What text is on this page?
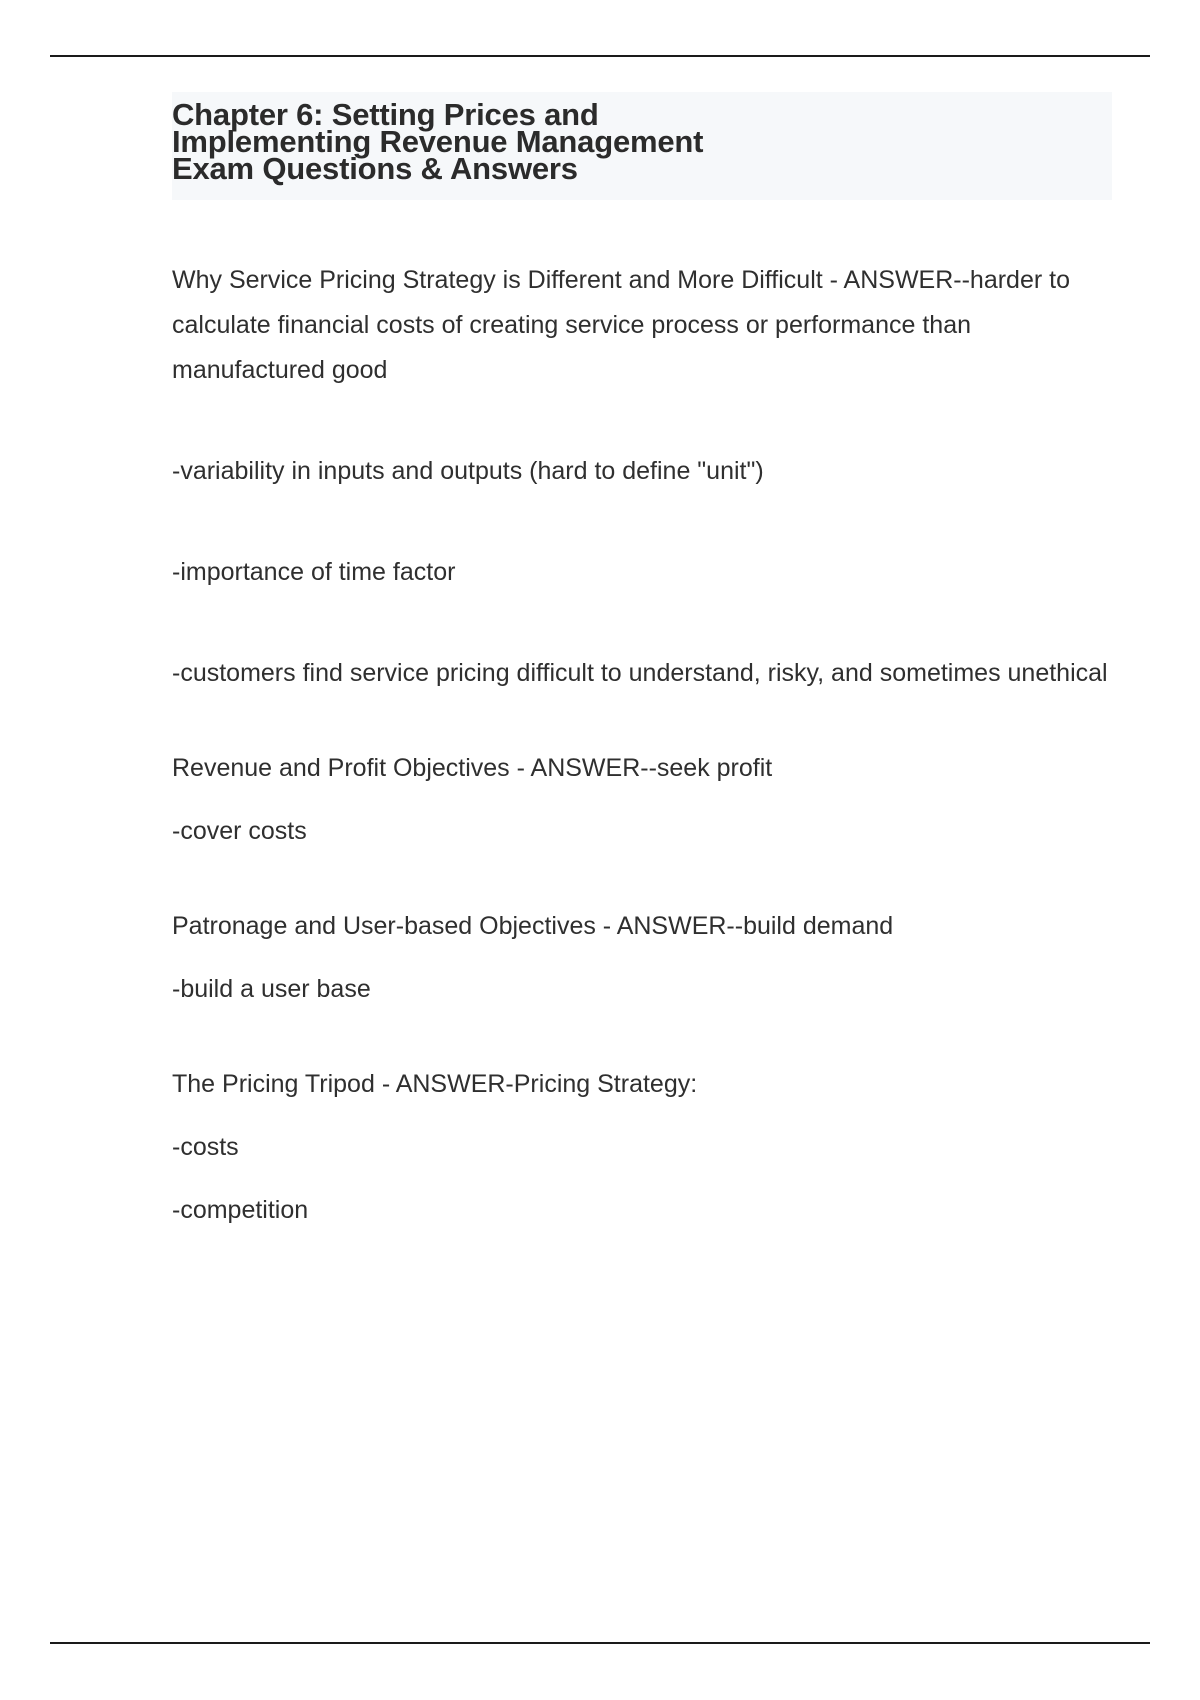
Chapter 6: Setting Prices and
Implementing Revenue Management
Exam Questions & Answers

Why Service Pricing Strategy is Different and More Difficult - ANSWER--harder to calculate financial costs of creating service process or performance than manufactured good

-variability in inputs and outputs (hard to define "unit")

-importance of time factor

-customers find service pricing difficult to understand, risky, and sometimes unethical

Revenue and Profit Objectives - ANSWER--seek profit

-cover costs

Patronage and User-based Objectives - ANSWER--build demand

-build a user base

The Pricing Tripod - ANSWER-Pricing Strategy:

-costs

-competition
